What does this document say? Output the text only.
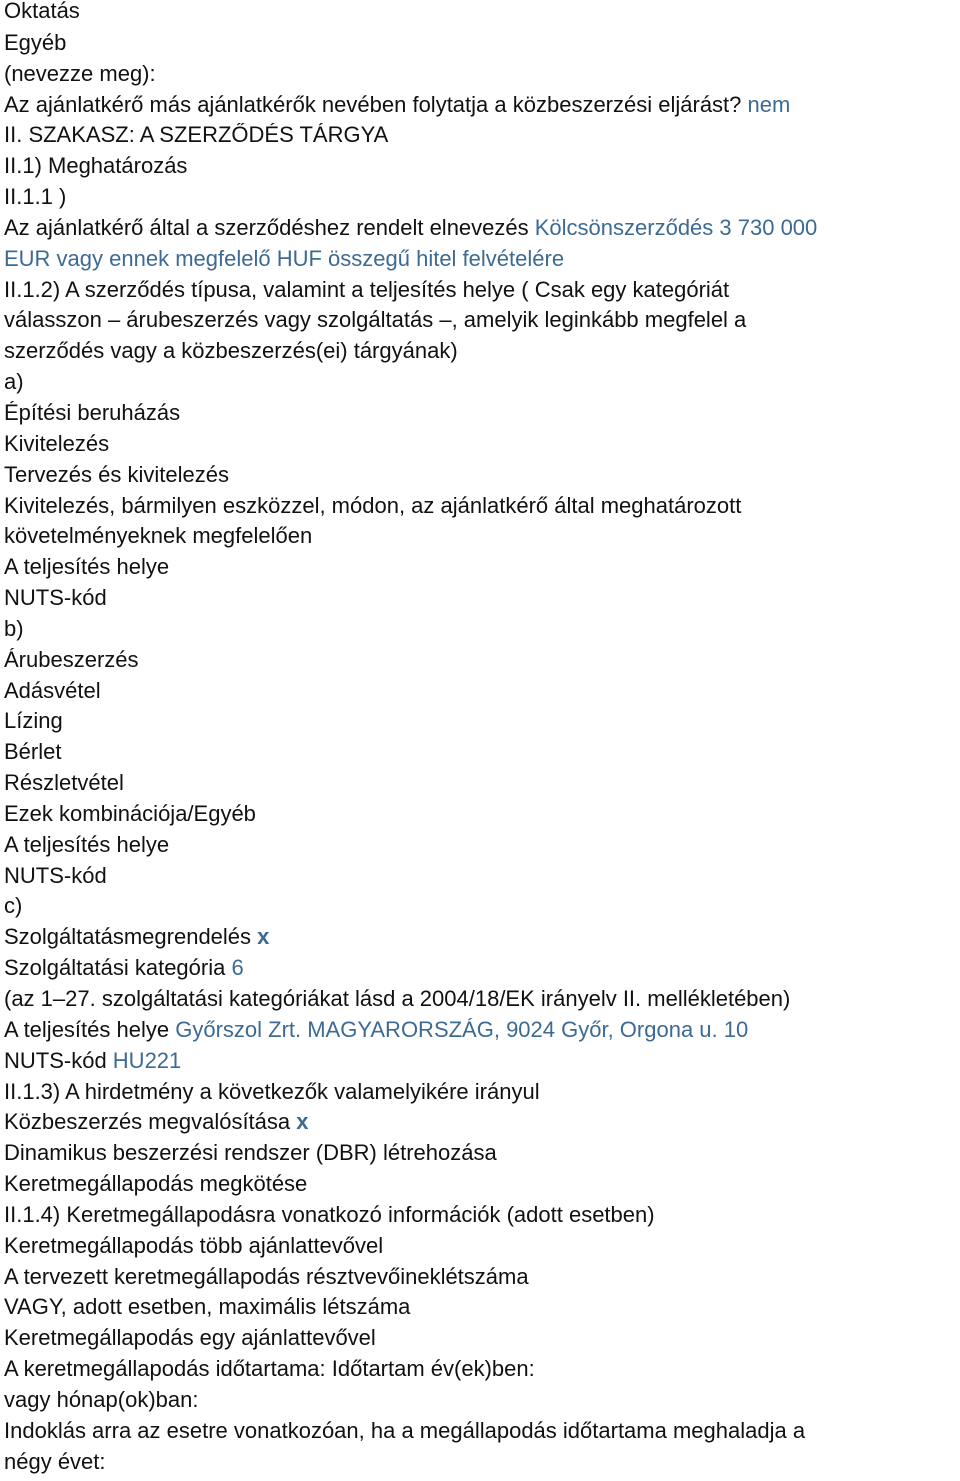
Oktatás
Egyéb
(nevezze meg):
Az ajánlatkérő más ajánlatkérők nevében folytatja a közbeszerzési eljárást? nem
II. SZAKASZ: A SZERZŐDÉS TÁRGYA
II.1) Meghatározás
II.1.1 )
Az ajánlatkérő által a szerződéshez rendelt elnevezés Kölcsönszerződés 3 730 000
EUR vagy ennek megfelelő HUF összegű hitel felvételére
II.1.2) A szerződés típusa, valamint a teljesítés helye ( Csak egy kategóriát
válasszon – árubeszerzés vagy szolgáltatás –, amelyik leginkább megfelel a
szerződés vagy a közbeszerzés(ei) tárgyának)
a)
Építési beruházás
Kivitelezés
Tervezés és kivitelezés
Kivitelezés, bármilyen eszközzel, módon, az ajánlatkérő által meghatározott
követelményeknek megfelelően
A teljesítés helye
NUTS-kód
b)
Árubeszerzés
Adásvétel
Lízing
Bérlet
Részletvétel
Ezek kombinációja/Egyéb
A teljesítés helye
NUTS-kód
c)
Szolgáltatásmegrendelés x
Szolgáltatási kategória 6
(az 1–27. szolgáltatási kategóriákat lásd a 2004/18/EK irányelv II. mellékletében)
A teljesítés helye Győrszol Zrt. MAGYARORSZÁG, 9024 Győr, Orgona u. 10
NUTS-kód HU221
II.1.3) A hirdetmény a következők valamelyikére irányul
Közbeszerzés megvalósítása x
Dinamikus beszerzési rendszer (DBR) létrehozása
Keretmegállapodás megkötése
II.1.4) Keretmegállapodásra vonatkozó információk (adott esetben)
Keretmegállapodás több ajánlattevővel
A tervezett keretmegállapodás résztvevőineklétszáma
VAGY, adott esetben, maximális létszáma
Keretmegállapodás egy ajánlattevővel
A keretmegállapodás időtartama: Időtartam év(ek)ben:
vagy hónap(ok)ban:
Indoklás arra az esetre vonatkozóan, ha a megállapodás időtartama meghaladja a
négy évet:
